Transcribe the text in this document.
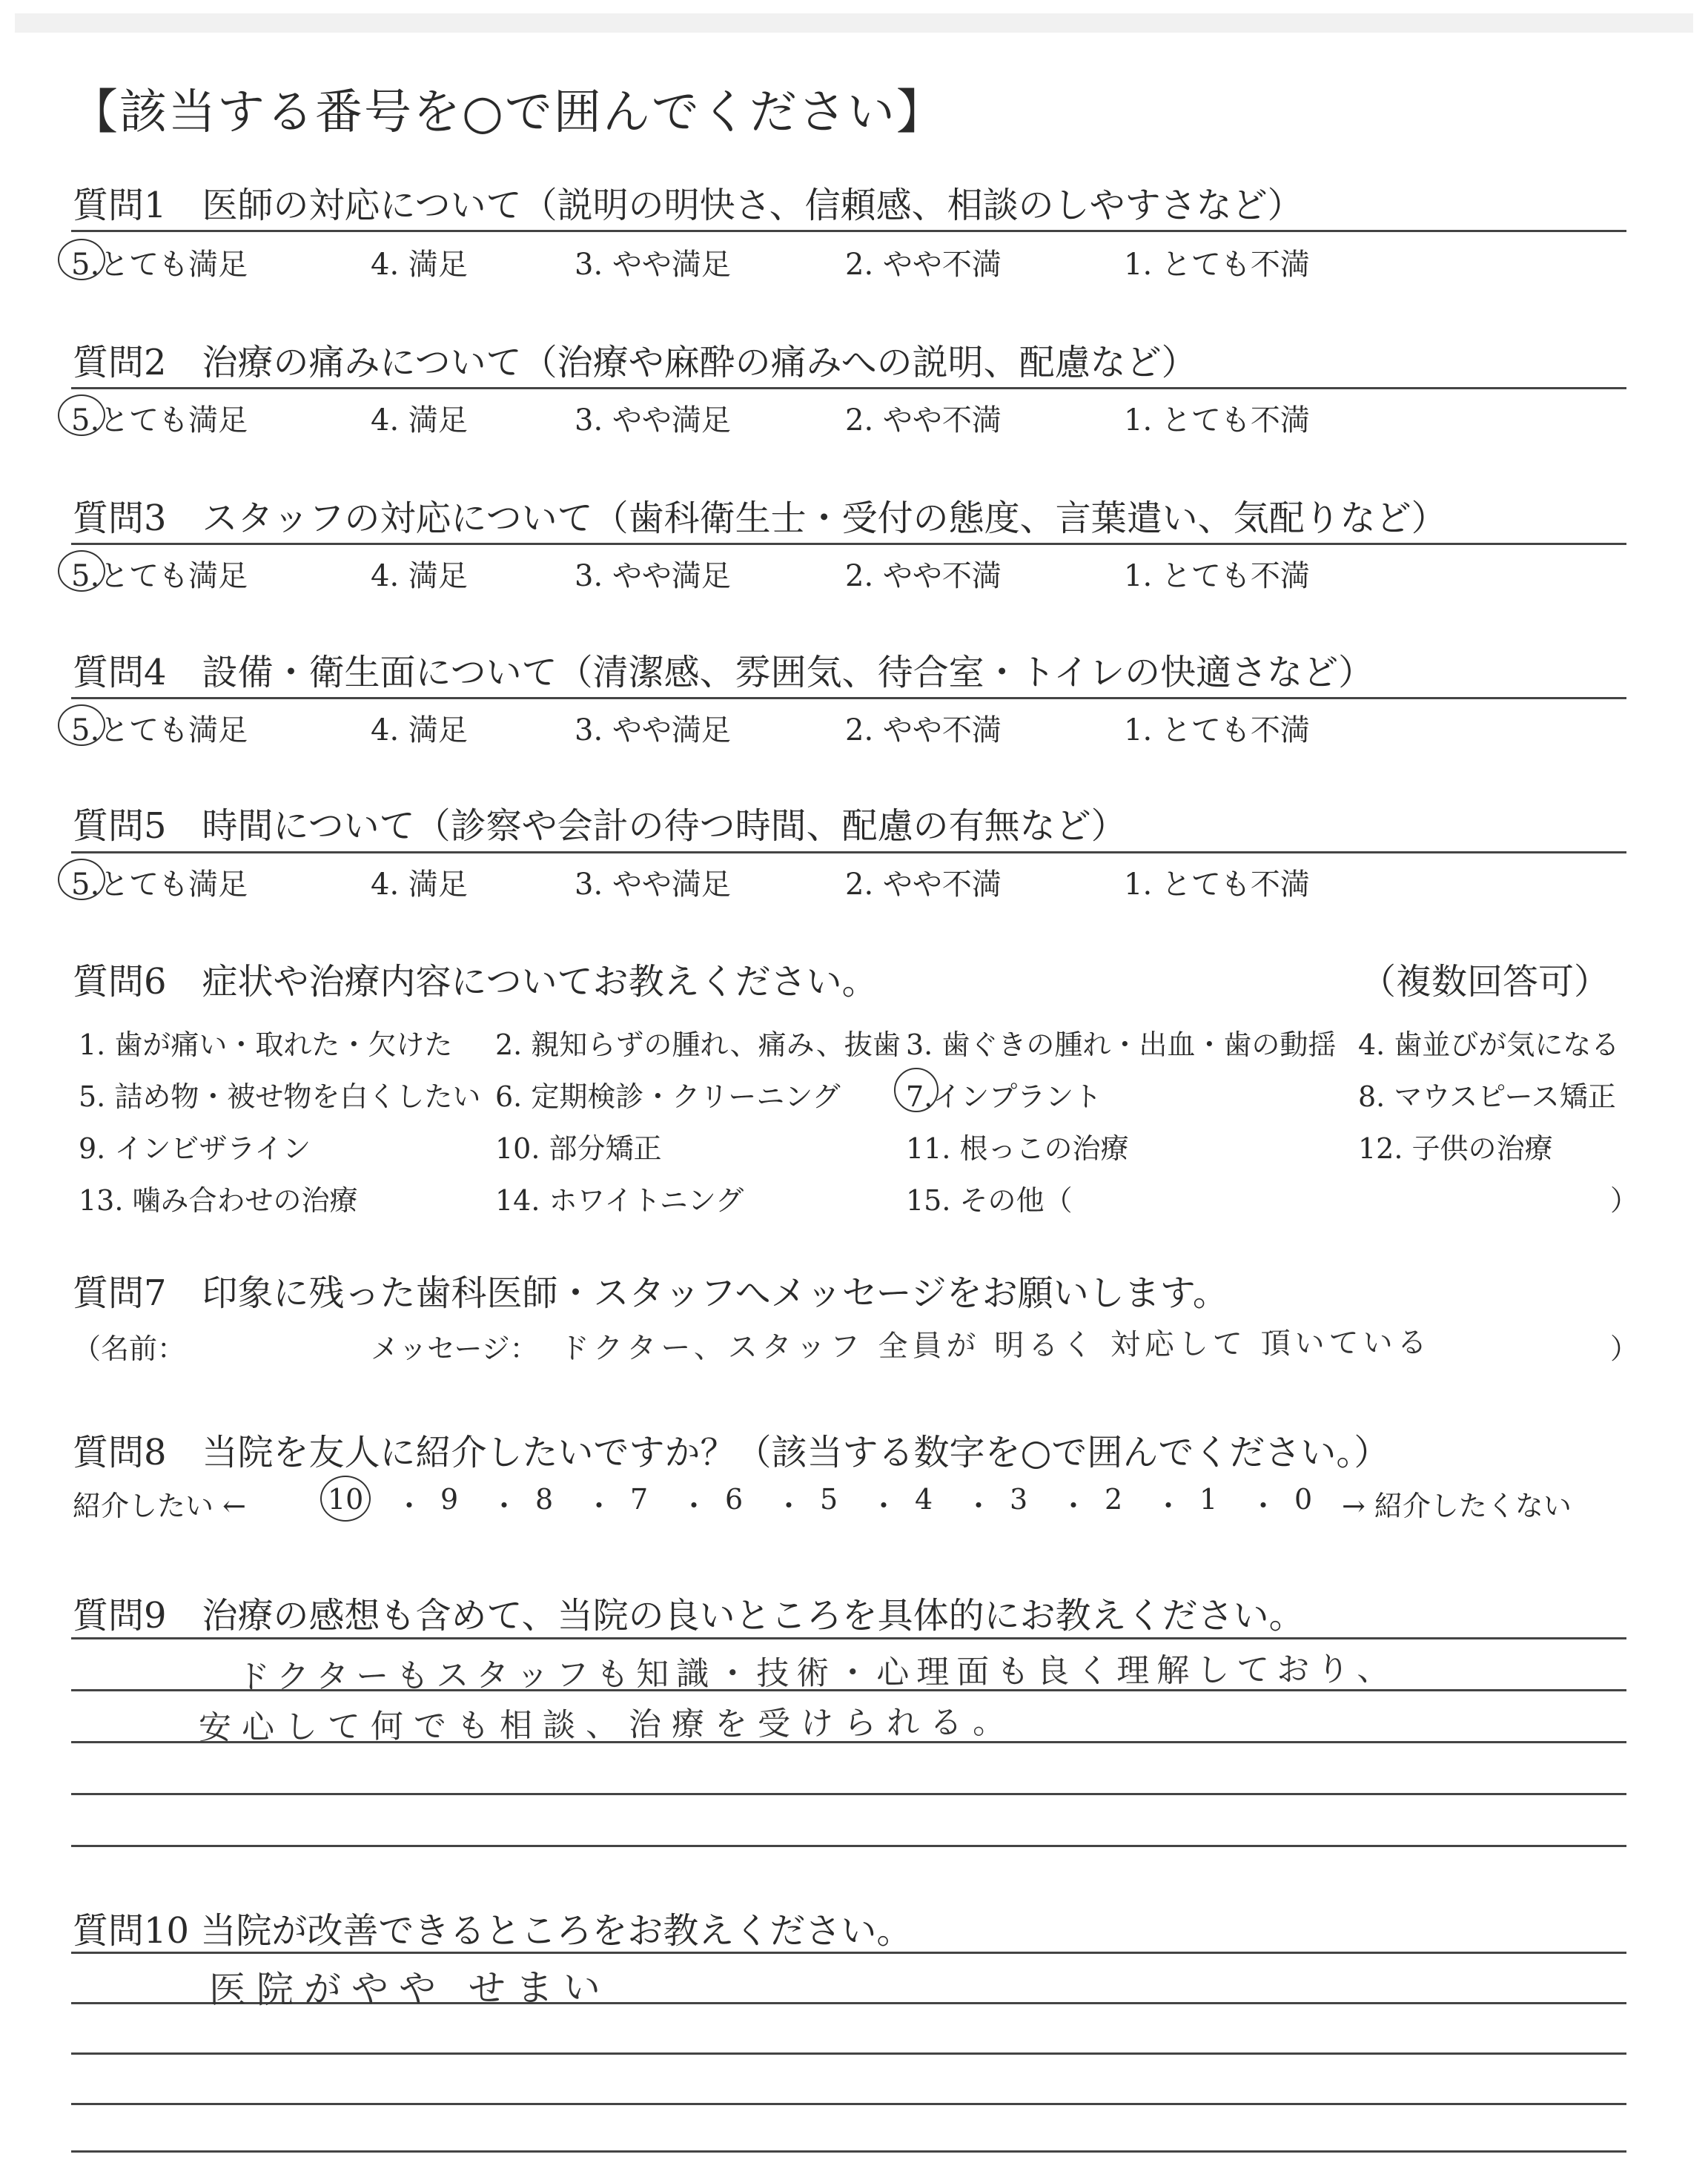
【該当する番号を○で囲んでください】
質問1　医師の対応について（説明の明快さ、信頼感、相談のしやすさなど）
5.とても満足	4. 満足	3. やや満足	2. やや不満	1. とても不満
質問2　治療の痛みについて（治療や麻酔の痛みへの説明、配慮など）
5.とても満足	4. 満足	3. やや満足	2. やや不満	1. とても不満
質問3　スタッフの対応について（歯科衛生士・受付の態度、言葉遣い、気配りなど）
5.とても満足	4. 満足	3. やや満足	2. やや不満	1. とても不満
質問4　設備・衛生面について（清潔感、雰囲気、待合室・トイレの快適さなど）
5.とても満足	4. 満足	3. やや満足	2. やや不満	1. とても不満
質問5　時間について（診察や会計の待つ時間、配慮の有無など）
5.とても満足	4. 満足	3. やや満足	2. やや不満	1. とても不満
質問6　症状や治療内容についてお教えください。	（複数回答可）
1. 歯が痛い・取れた・欠けた 2. 親知らずの腫れ、痛み、抜歯 3. 歯ぐきの腫れ・出血・歯の動揺 4. 歯並びが気になる
5. 詰め物・被せ物を白くしたい 6. 定期検診・クリーニング 7.インプラント	8. マウスピース矯正
9. インビザライン	10. 部分矯正	11. 根っこの治療	12. 子供の治療
13. 噛み合わせの治療	14. ホワイトニング	15. その他（	）
質問7　印象に残った歯科医師・スタッフへメッセージをお願いします。
（名前：	メッセージ： ドクター、スタッフ 全員が 明るく 対応して 頂いている	）
質問8　当院を友人に紹介したいですか？（該当する数字を○で囲んでください。）
紹介したい ←	10 ・ 9 ・ 8 ・ 7 ・ 6 ・ 5 ・ 4 ・ 3 ・ 2 ・ 1 ・ 0 → 紹介したくない
質問9　治療の感想も含めて、当院の良いところを具体的にお教えください。
ドクターもスタッフも知識・技術・心理面も良く理解しており、
安心して何でも相談、治療を受けられる。
質問10 当院が改善できるところをお教えください。
医院がやや せまい
